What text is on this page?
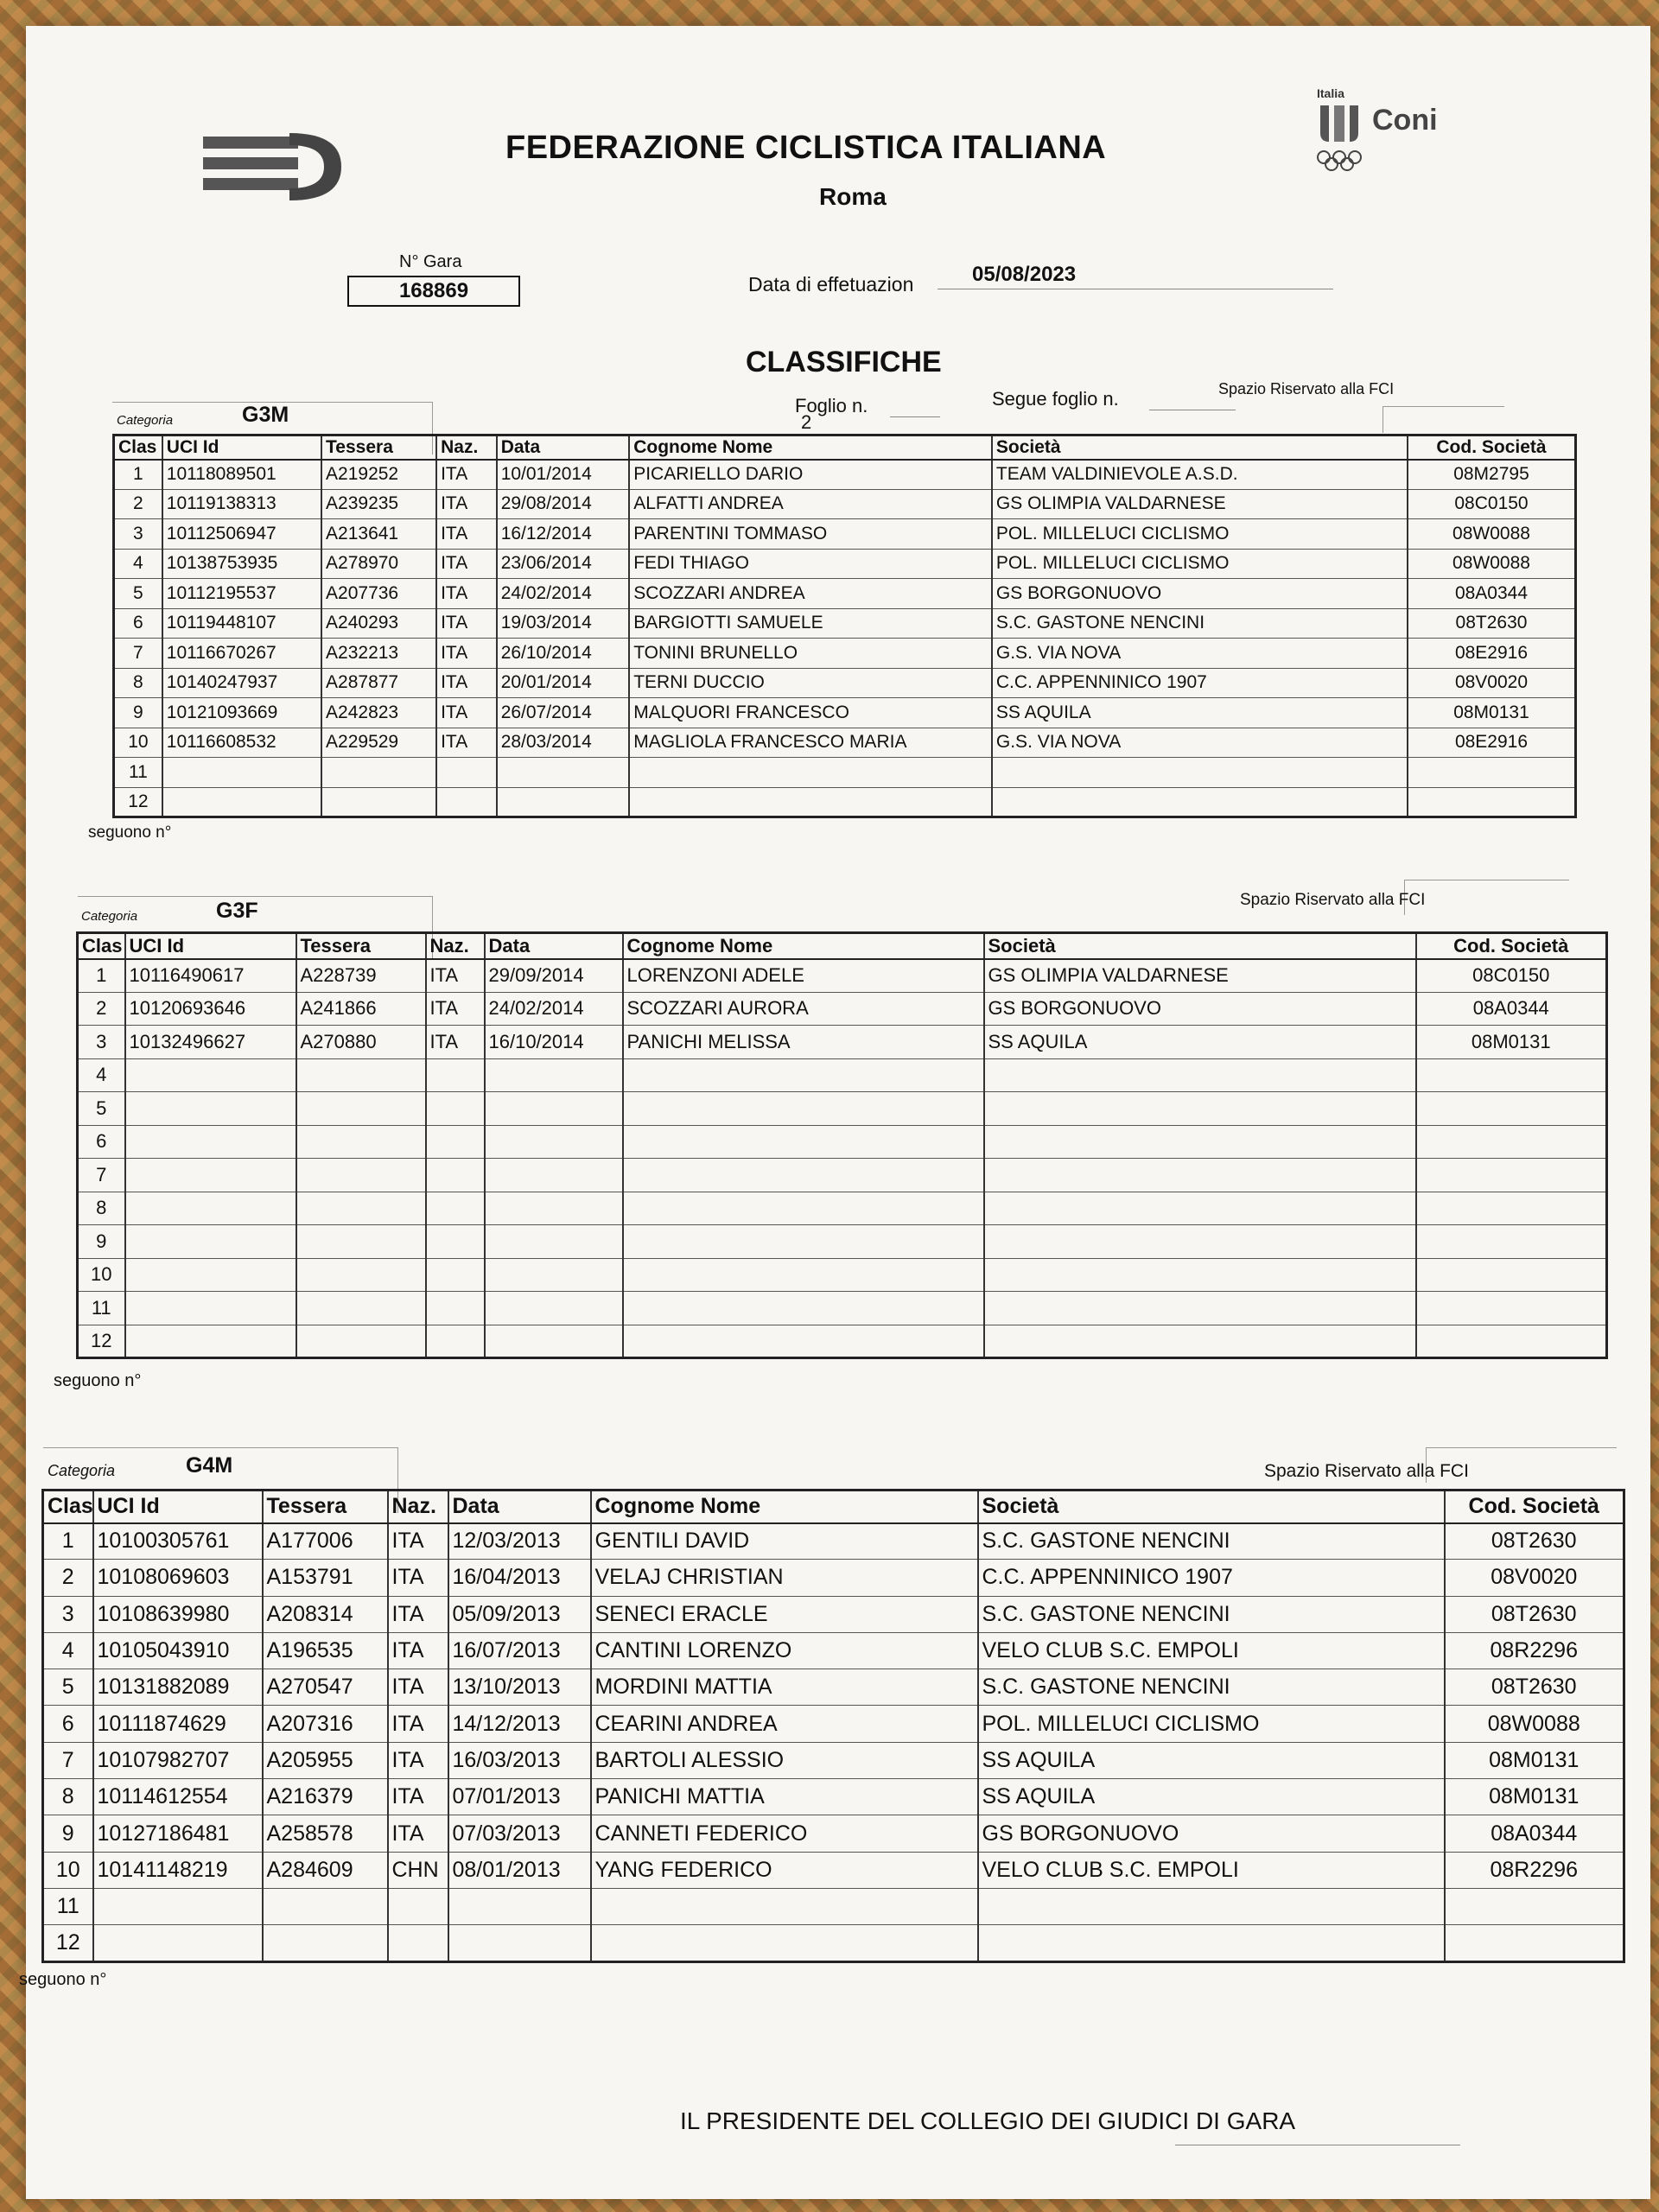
Italia
Coni
FEDERAZIONE CICLISTICA ITALIANA
Roma
N° Gara
168869	Data di effetuazion	05/08/2023
CLASSIFICHE
Foglio n.	Segue foglio n.
Categoria	G3M
Spazio Riservato alla FCI
2
Clas	UCI Id	Tessera	Naz.	Data	Cognome Nome	Società	Cod. Società
1	10118089501	A219252	ITA	10/01/2014	PICARIELLO DARIO	TEAM VALDINIEVOLE A.S.D.	08M2795
2	10119138313	A239235	ITA	29/08/2014	ALFATTI ANDREA	GS OLIMPIA VALDARNESE	08C0150
3	10112506947	A213641	ITA	16/12/2014	PARENTINI TOMMASO	POL. MILLELUCI CICLISMO	08W0088
4	10138753935	A278970	ITA	23/06/2014	FEDI THIAGO	POL. MILLELUCI CICLISMO	08W0088
5	10112195537	A207736	ITA	24/02/2014	SCOZZARI ANDREA	GS BORGONUOVO	08A0344
6	10119448107	A240293	ITA	19/03/2014	BARGIOTTI SAMUELE	S.C. GASTONE NENCINI	08T2630
7	10116670267	A232213	ITA	26/10/2014	TONINI BRUNELLO	G.S. VIA NOVA	08E2916
8	10140247937	A287877	ITA	20/01/2014	TERNI DUCCIO	C.C. APPENNINICO 1907	08V0020
9	10121093669	A242823	ITA	26/07/2014	MALQUORI FRANCESCO	SS AQUILA	08M0131
10	10116608532	A229529	ITA	28/03/2014	MAGLIOLA FRANCESCO MARIA	G.S. VIA NOVA	08E2916
11							
12							
seguono n°
Categoria	G3F	Spazio Riservato alla FCI
Clas	UCI Id	Tessera	Naz.	Data	Cognome Nome	Società	Cod. Società
1	10116490617	A228739	ITA	29/09/2014	LORENZONI ADELE	GS OLIMPIA VALDARNESE	08C0150
2	10120693646	A241866	ITA	24/02/2014	SCOZZARI AURORA	GS BORGONUOVO	08A0344
3	10132496627	A270880	ITA	16/10/2014	PANICHI MELISSA	SS AQUILA	08M0131
4							
5							
6							
7							
8							
9							
10							
11							
12							
seguono n°
Categoria	G4M	Spazio Riservato alla FCI
Clas	UCI Id	Tessera	Naz.	Data	Cognome Nome	Società	Cod. Società
1	10100305761	A177006	ITA	12/03/2013	GENTILI DAVID	S.C. GASTONE NENCINI	08T2630
2	10108069603	A153791	ITA	16/04/2013	VELAJ CHRISTIAN	C.C. APPENNINICO 1907	08V0020
3	10108639980	A208314	ITA	05/09/2013	SENECI ERACLE	S.C. GASTONE NENCINI	08T2630
4	10105043910	A196535	ITA	16/07/2013	CANTINI LORENZO	VELO CLUB S.C. EMPOLI	08R2296
5	10131882089	A270547	ITA	13/10/2013	MORDINI MATTIA	S.C. GASTONE NENCINI	08T2630
6	10111874629	A207316	ITA	14/12/2013	CEARINI ANDREA	POL. MILLELUCI CICLISMO	08W0088
7	10107982707	A205955	ITA	16/03/2013	BARTOLI ALESSIO	SS AQUILA	08M0131
8	10114612554	A216379	ITA	07/01/2013	PANICHI MATTIA	SS AQUILA	08M0131
9	10127186481	A258578	ITA	07/03/2013	CANNETI FEDERICO	GS BORGONUOVO	08A0344
10	10141148219	A284609	CHN	08/01/2013	YANG FEDERICO	VELO CLUB S.C. EMPOLI	08R2296
11							
12							
seguono n°
IL PRESIDENTE DEL COLLEGIO DEI GIUDICI DI GARA
